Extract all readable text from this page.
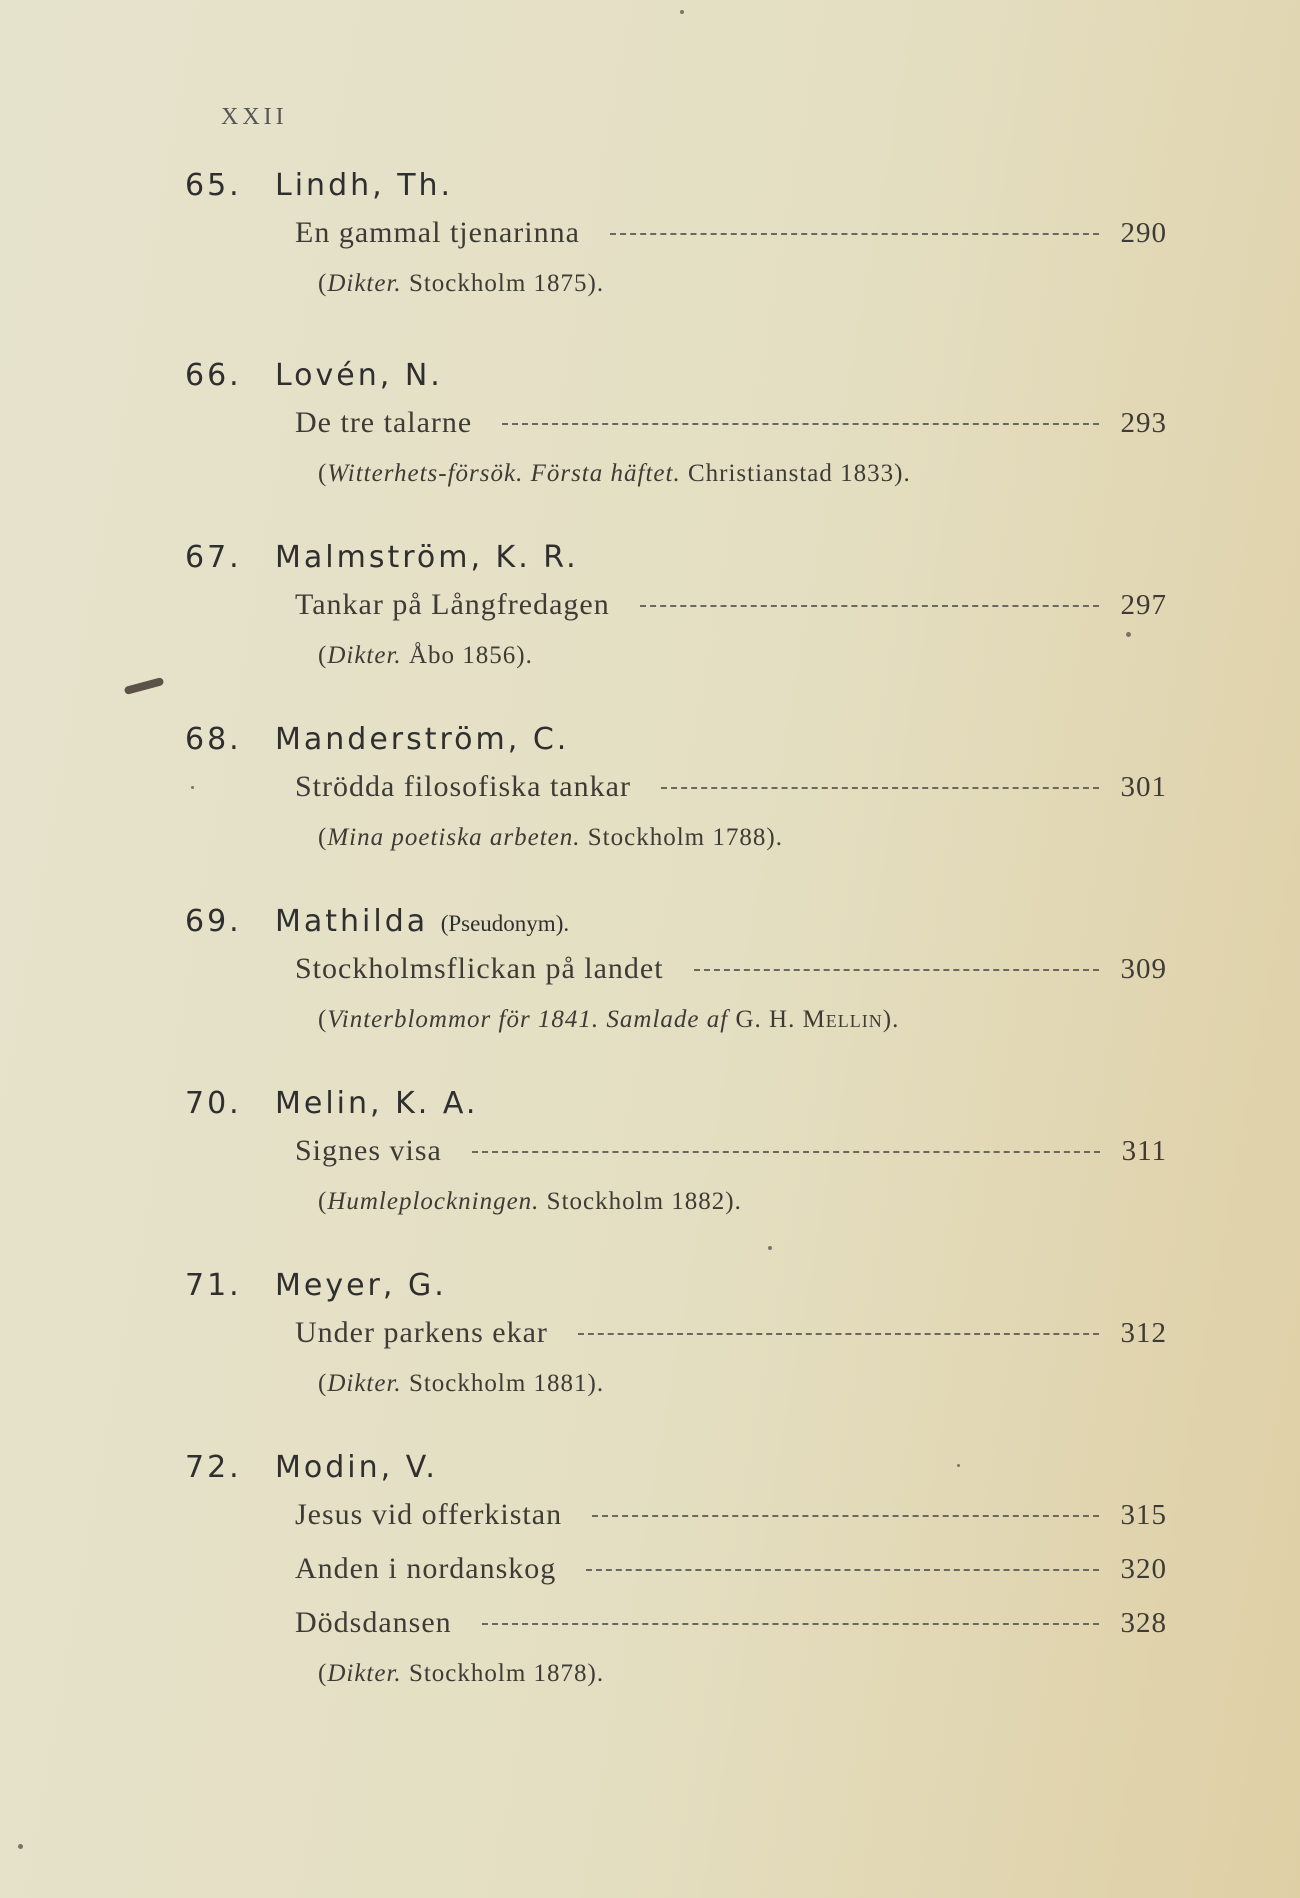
XXII
65. Lindh, Th.
En gammal tjenarinna	290
(Dikter. Stockholm 1875).
66. Lovén, N.
De tre talarne	293
(Witterhets-försök. Första häftet. Christianstad 1833).
67. Malmström, K. R.
Tankar på Långfredagen	297
(Dikter. Åbo 1856).
68. Manderström, C.
Strödda filosofiska tankar	301
(Mina poetiska arbeten. Stockholm 1788).
69. Mathilda (Pseudonym).
Stockholmsflickan på landet	309
(Vinterblommor för 1841. Samlade af G. H. Mellin).
70. Melin, K. A.
Signes visa	311
(Humleplockningen. Stockholm 1882).
71. Meyer, G.
Under parkens ekar	312
(Dikter. Stockholm 1881).
72. Modin, V.
Jesus vid offerkistan	315
Anden i nordanskog	320
Dödsdansen	328
(Dikter. Stockholm 1878).
